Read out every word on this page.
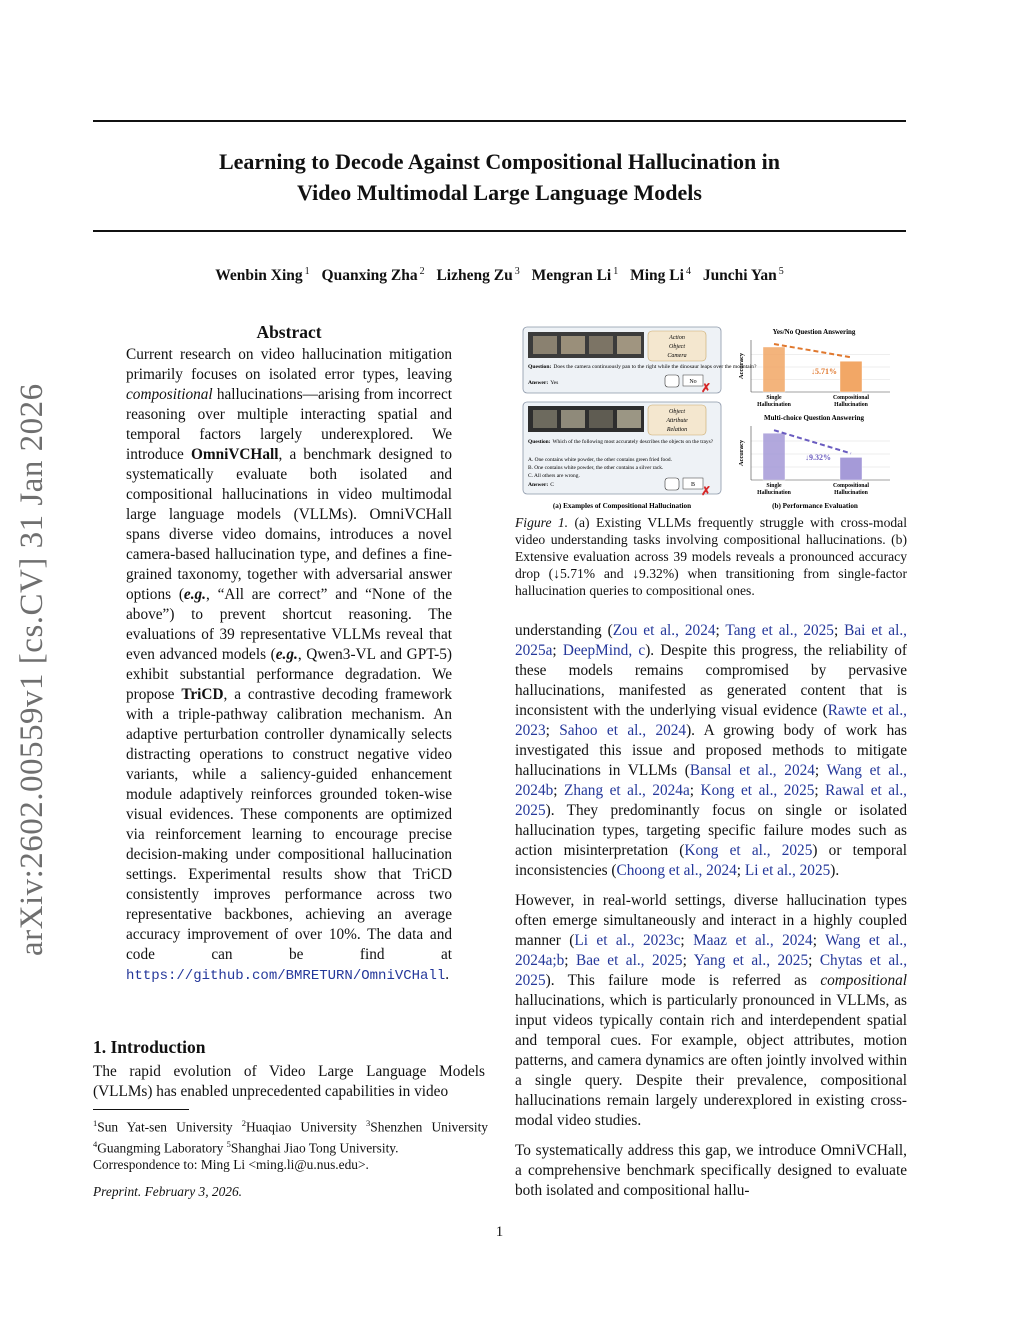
arXiv:2602.00559v1 [cs.CV] 31 Jan 2026
Learning to Decode Against Compositional Hallucination in
Video Multimodal Large Language Models
Wenbin Xing $^1$ Quanxing Zha $^2$ Lizheng Zu $^3$ Mengran Li $^1$ Ming Li $^4$ Junchi Yan $^5$
Abstract

Current research on video hallucination mitigation primarily focuses on isolated error types, leaving compositional hallucinations—arising from incorrect reasoning over multiple interacting spatial and temporal factors largely underexplored. We introduce OmniVCHall, a benchmark designed to systematically evaluate both isolated and compositional hallucinations in video multimodal large language models (VLLMs). OmniVCHall spans diverse video domains, introduces a novel camera-based hallucination type, and defines a fine-grained taxonomy, together with adversarial answer options (e.g., “All are correct” and “None of the above”) to prevent shortcut reasoning. The evaluations of 39 representative VLLMs reveal that even advanced models (e.g., Qwen3-VL and GPT-5) exhibit substantial performance degradation. We propose TriCD, a contrastive decoding framework with a triple-pathway calibration mechanism. An adaptive perturbation controller dynamically selects distracting operations to construct negative video variants, while a saliency-guided enhancement module adaptively reinforces grounded token-wise visual evidences. These components are optimized via reinforcement learning to encourage precise decision-making under compositional hallucination settings. Experimental results show that TriCD consistently improves performance across two representative backbones, achieving an average accuracy improvement of over 10%. The data and code can be find at https://github.com/BMRETURN/OmniVCHall.

1. Introduction

The rapid evolution of Video Large Language Models (VLLMs) has enabled unprecedented capabilities in video

$^1$Sun Yat-sen University $^2$Huaqiao University $^3$Shenzhen University $^4$Guangming Laboratory $^5$Shanghai Jiao Tong University.
Correspondence to: Ming Li <ming.li@u.nus.edu>.
Preprint. February 3, 2026.
Action
Object
Camera
Question: Does the camera continuously pan to the right while the dinosaur leaps over the mountain?
Answer: Yes	No ✗
Object
Attribute
Relation
Question: Which of the following most accurately describes the objects on the trays?
A. One contains white powder, the other contains green fried food.
B. One contains white powder, the other contains a silver rack.
C. All others are wrong.
Answer: C	B ✗
(a) Examples of Compositional Hallucination
Yes/No Question Answering
Accuracy
Single
Hallucination
Compositional
Hallucination
↓5.71%
Multi-choice Question Answering
Accuracy
Single
Hallucination
Compositional
Hallucination
↓9.32%
(b) Performance Evaluation
Figure 1. (a) Existing VLLMs frequently struggle with cross-modal video understanding tasks involving compositional hallucinations. (b) Extensive evaluation across 39 models reveals a pronounced accuracy drop (↓5.71% and ↓9.32%) when transitioning from single-factor hallucination queries to compositional ones.

understanding (Zou et al., 2024; Tang et al., 2025; Bai et al., 2025a; DeepMind, c). Despite this progress, the reliability of these models remains compromised by pervasive hallucinations, manifested as generated content that is inconsistent with the underlying visual evidence (Rawte et al., 2023; Sahoo et al., 2024). A growing body of work has investigated this issue and proposed methods to mitigate hallucinations in VLLMs (Bansal et al., 2024; Wang et al., 2024b; Zhang et al., 2024a; Kong et al., 2025; Rawal et al., 2025). They predominantly focus on single or isolated hallucination types, targeting specific failure modes such as action misinterpretation (Kong et al., 2025) or temporal inconsistencies (Choong et al., 2024; Li et al., 2025).

However, in real-world settings, diverse hallucination types often emerge simultaneously and interact in a highly coupled manner (Li et al., 2023c; Maaz et al., 2024; Wang et al., 2024a;b; Bae et al., 2025; Yang et al., 2025; Chytas et al., 2025). This failure mode is referred as compositional hallucinations, which is particularly pronounced in VLLMs, as input videos typically contain rich and interdependent spatial and temporal cues. For example, object attributes, motion patterns, and camera dynamics are often jointly involved within a single query. Despite their prevalence, compositional hallucinations remain largely underexplored in existing cross-modal video studies.

To systematically address this gap, we introduce OmniVCHall, a comprehensive benchmark specifically designed to evaluate both isolated and compositional hallu-

1
